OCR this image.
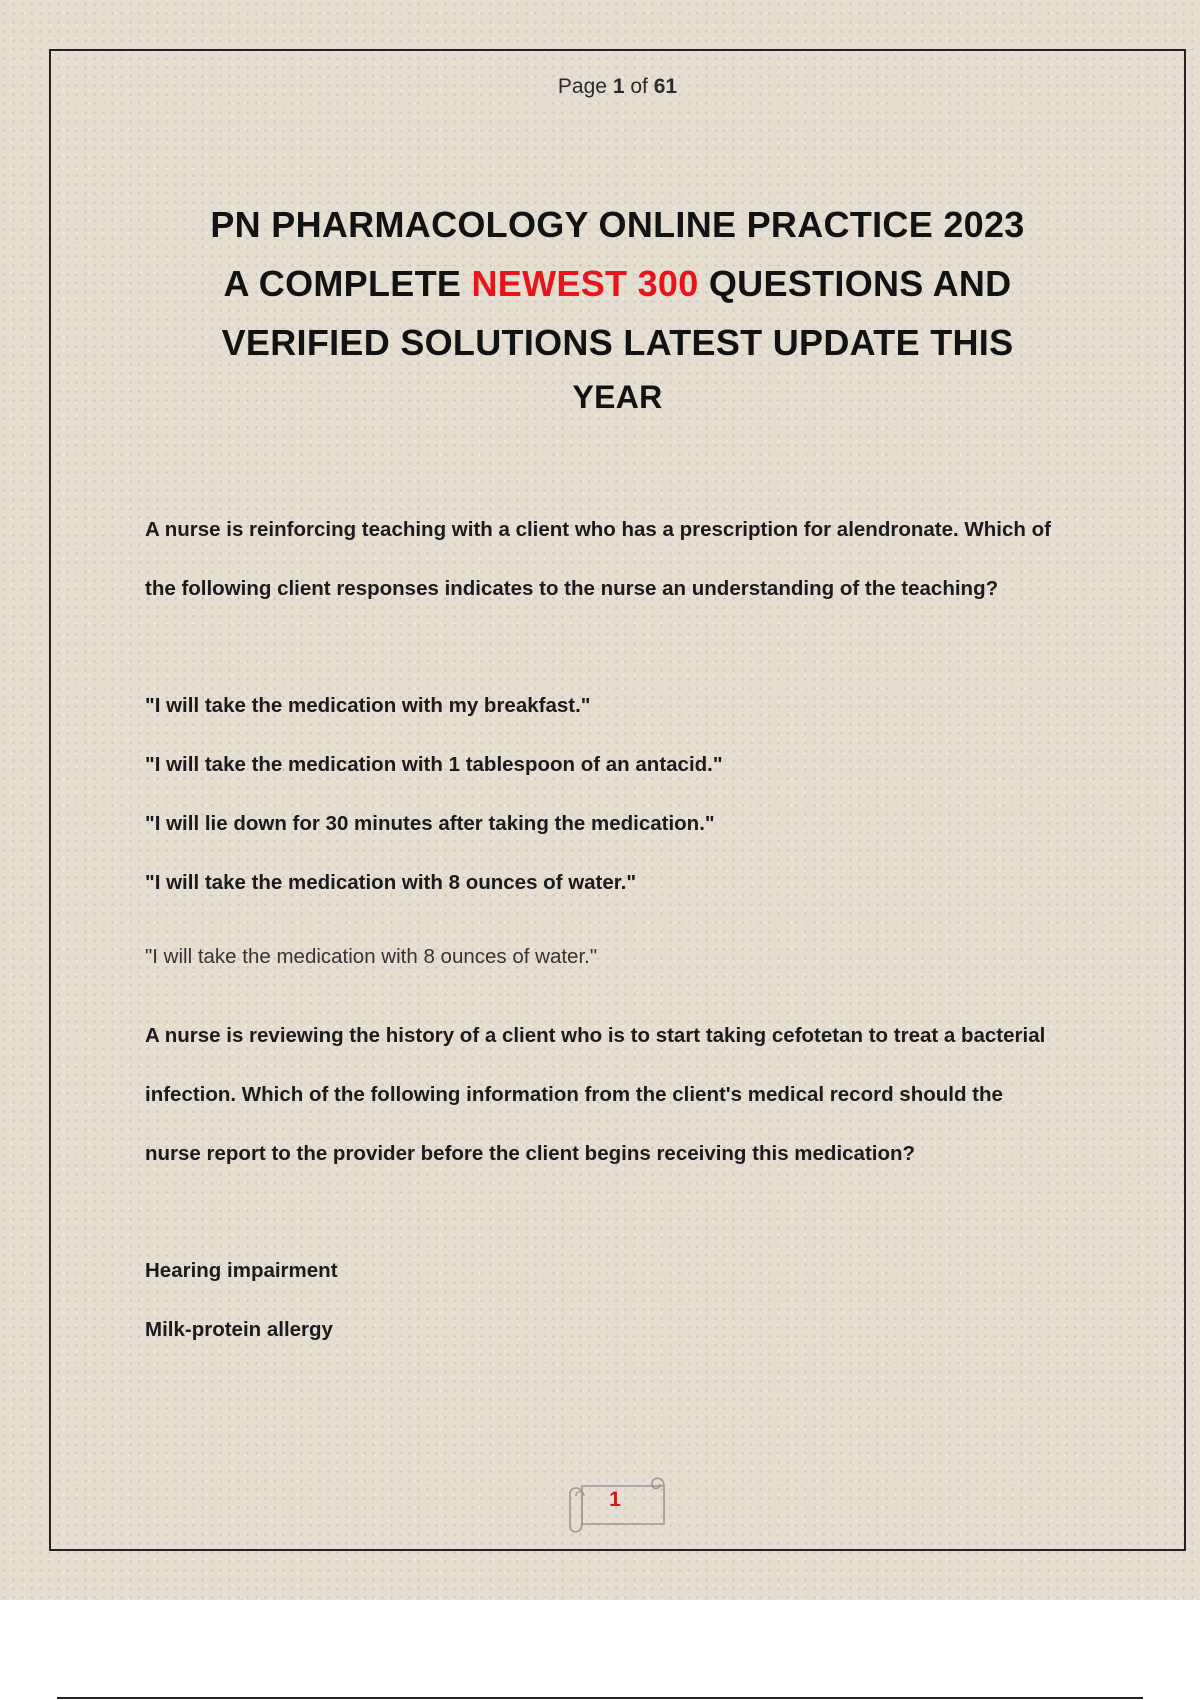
Page 1 of 61
PN PHARMACOLOGY ONLINE PRACTICE 2023
A COMPLETE NEWEST 300 QUESTIONS AND
VERIFIED SOLUTIONS LATEST UPDATE THIS
YEAR
A nurse is reinforcing teaching with a client who has a prescription for alendronate. Which of
the following client responses indicates to the nurse an understanding of the teaching?
"I will take the medication with my breakfast."
"I will take the medication with 1 tablespoon of an antacid."
"I will lie down for 30 minutes after taking the medication."
"I will take the medication with 8 ounces of water."
"I will take the medication with 8 ounces of water."
A nurse is reviewing the history of a client who is to start taking cefotetan to treat a bacterial
infection. Which of the following information from the client's medical record should the
nurse report to the provider before the client begins receiving this medication?
Hearing impairment
Milk-protein allergy
1
